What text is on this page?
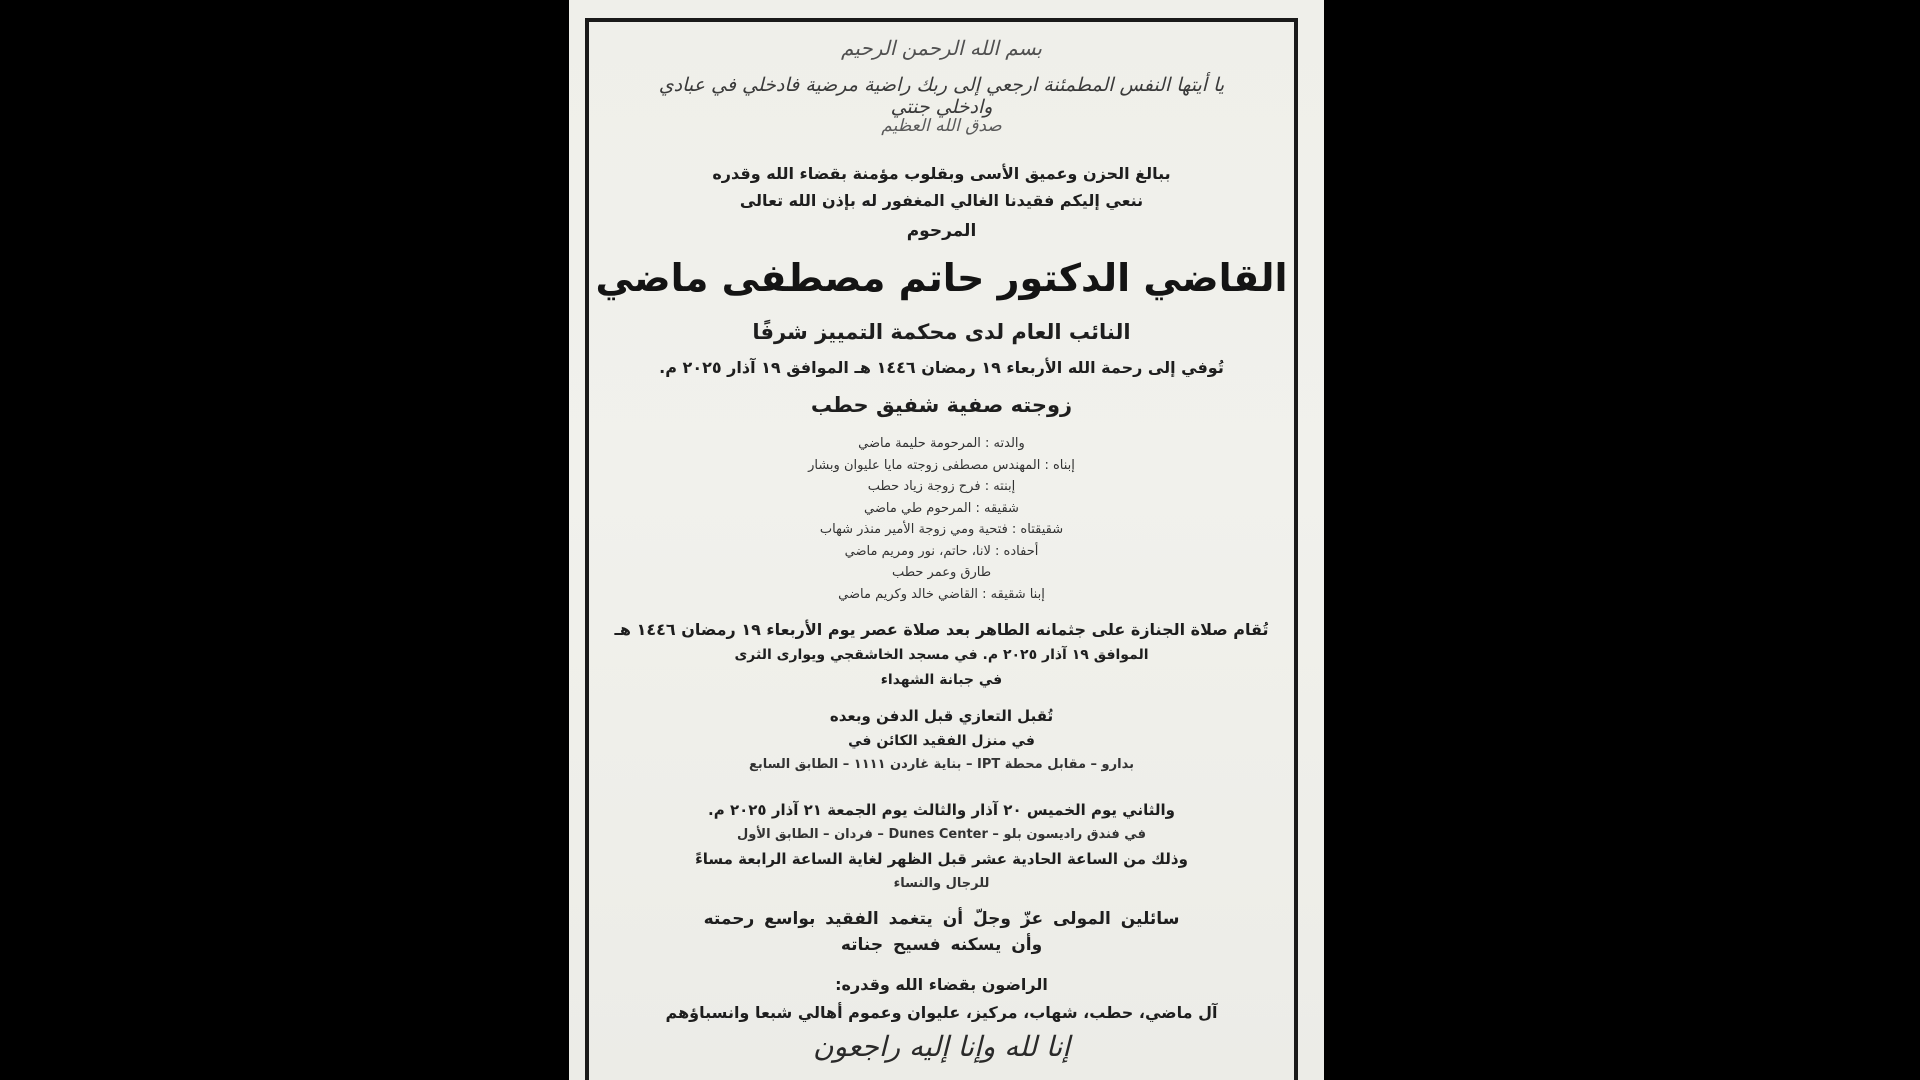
بسم الله الرحمن الرحيم
يا أيتها النفس المطمئنة ارجعي إلى ربك راضية مرضية فادخلي في عبادي وادخلي جنتي
صدق الله العظيم
ببالغ الحزن وعميق الأسى وبقلوب مؤمنة بقضاء الله وقدره
ننعي إليكم فقيدنا الغالي المغفور له بإذن الله تعالى
المرحوم
القاضي الدكتور حاتم مصطفى ماضي
النائب العام لدى محكمة التمييز شرفًا
تُوفي إلى رحمة الله الأربعاء ١٩ رمضان ١٤٤٦ هـ الموافق ١٩ آذار ٢٠٢٥ م.
زوجته صفية شفيق حطب
والدته : المرحومة حليمة ماضي
إبناه : المهندس مصطفى زوجته مايا عليوان وبشار
إبنته : فرح زوجة زياد حطب
شقيقه : المرحوم طي ماضي
شقيقتاه : فتحية ومي زوجة الأمير منذر شهاب
أحفاده : لانا، حاتم، نور ومريم ماضي
طارق وعمر حطب
إبنا شقيقه : القاضي خالد وكريم ماضي
تُقام صلاة الجنازة على جثمانه الطاهر بعد صلاة عصر يوم الأربعاء ١٩ رمضان ١٤٤٦ هـ
الموافق ١٩ آذار ٢٠٢٥ م. في مسجد الخاشقجي ويوارى الثرى
في جبانة الشهداء
تُقبل التعازي قبل الدفن وبعده
في منزل الفقيد الكائن في
بدارو – مقابل محطة IPT – بناية غاردن ١١١١ – الطابق السابع
والثاني يوم الخميس ٢٠ آذار والثالث يوم الجمعة ٢١ آذار ٢٠٢٥ م.
في فندق راديسون بلو – Dunes Center – فردان – الطابق الأول
وذلك من الساعة الحادية عشر قبل الظهر لغاية الساعة الرابعة مساءً
للرجال والنساء
سائلين المولى عزّ وجلّ أن يتغمد الفقيد بواسع رحمته
وأن يسكنه فسيح جناته
الراضون بقضاء الله وقدره:
آل ماضي، حطب، شهاب، مركيز، عليوان وعموم أهالي شبعا وانسباؤهم
إنا لله وإنا إليه راجعون
